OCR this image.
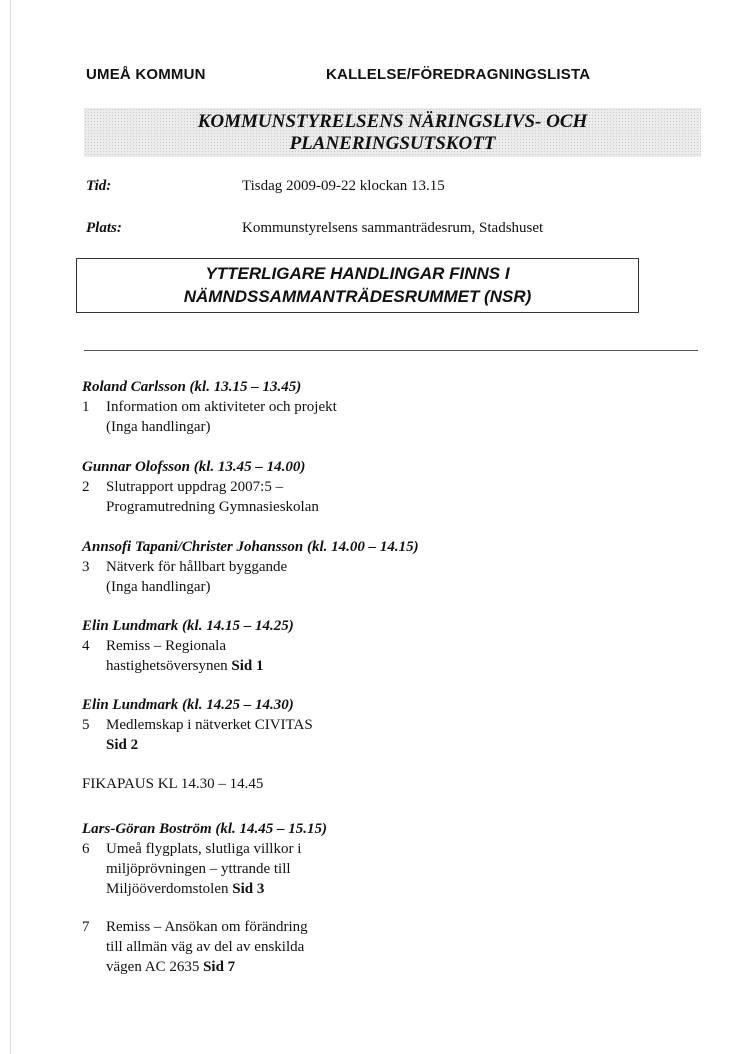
UMEÅ KOMMUN	KALLELSE/FÖREDRAGNINGSLISTA
KOMMUNSTYRELSENS NÄRINGSLIVS- OCH
PLANERINGSUTSKOTT
Tid:	Tisdag 2009-09-22 klockan 13.15
Plats:	Kommunstyrelsens sammanträdesrum, Stadshuset
YTTERLIGARE HANDLINGAR FINNS I
NÄMNDSSAMMANTRÄDESRUMMET (NSR)
Roland Carlsson (kl. 13.15 – 13.45)
1 Information om aktiviteter och projekt
(Inga handlingar)
Gunnar Olofsson (kl. 13.45 – 14.00)
2 Slutrapport uppdrag 2007:5 –
Programutredning Gymnasieskolan
Annsofi Tapani/Christer Johansson (kl. 14.00 – 14.15)
3 Nätverk för hållbart byggande
(Inga handlingar)
Elin Lundmark (kl. 14.15 – 14.25)
4 Remiss – Regionala
hastighetsöversynen Sid 1
Elin Lundmark (kl. 14.25 – 14.30)
5 Medlemskap i nätverket CIVITAS
Sid 2
FIKAPAUS KL 14.30 – 14.45
Lars-Göran Boström (kl. 14.45 – 15.15)
6 Umeå flygplats, slutliga villkor i
miljöprövningen – yttrande till
Miljööverdomstolen Sid 3
7 Remiss – Ansökan om förändring
till allmän väg av del av enskilda
vägen AC 2635 Sid 7
